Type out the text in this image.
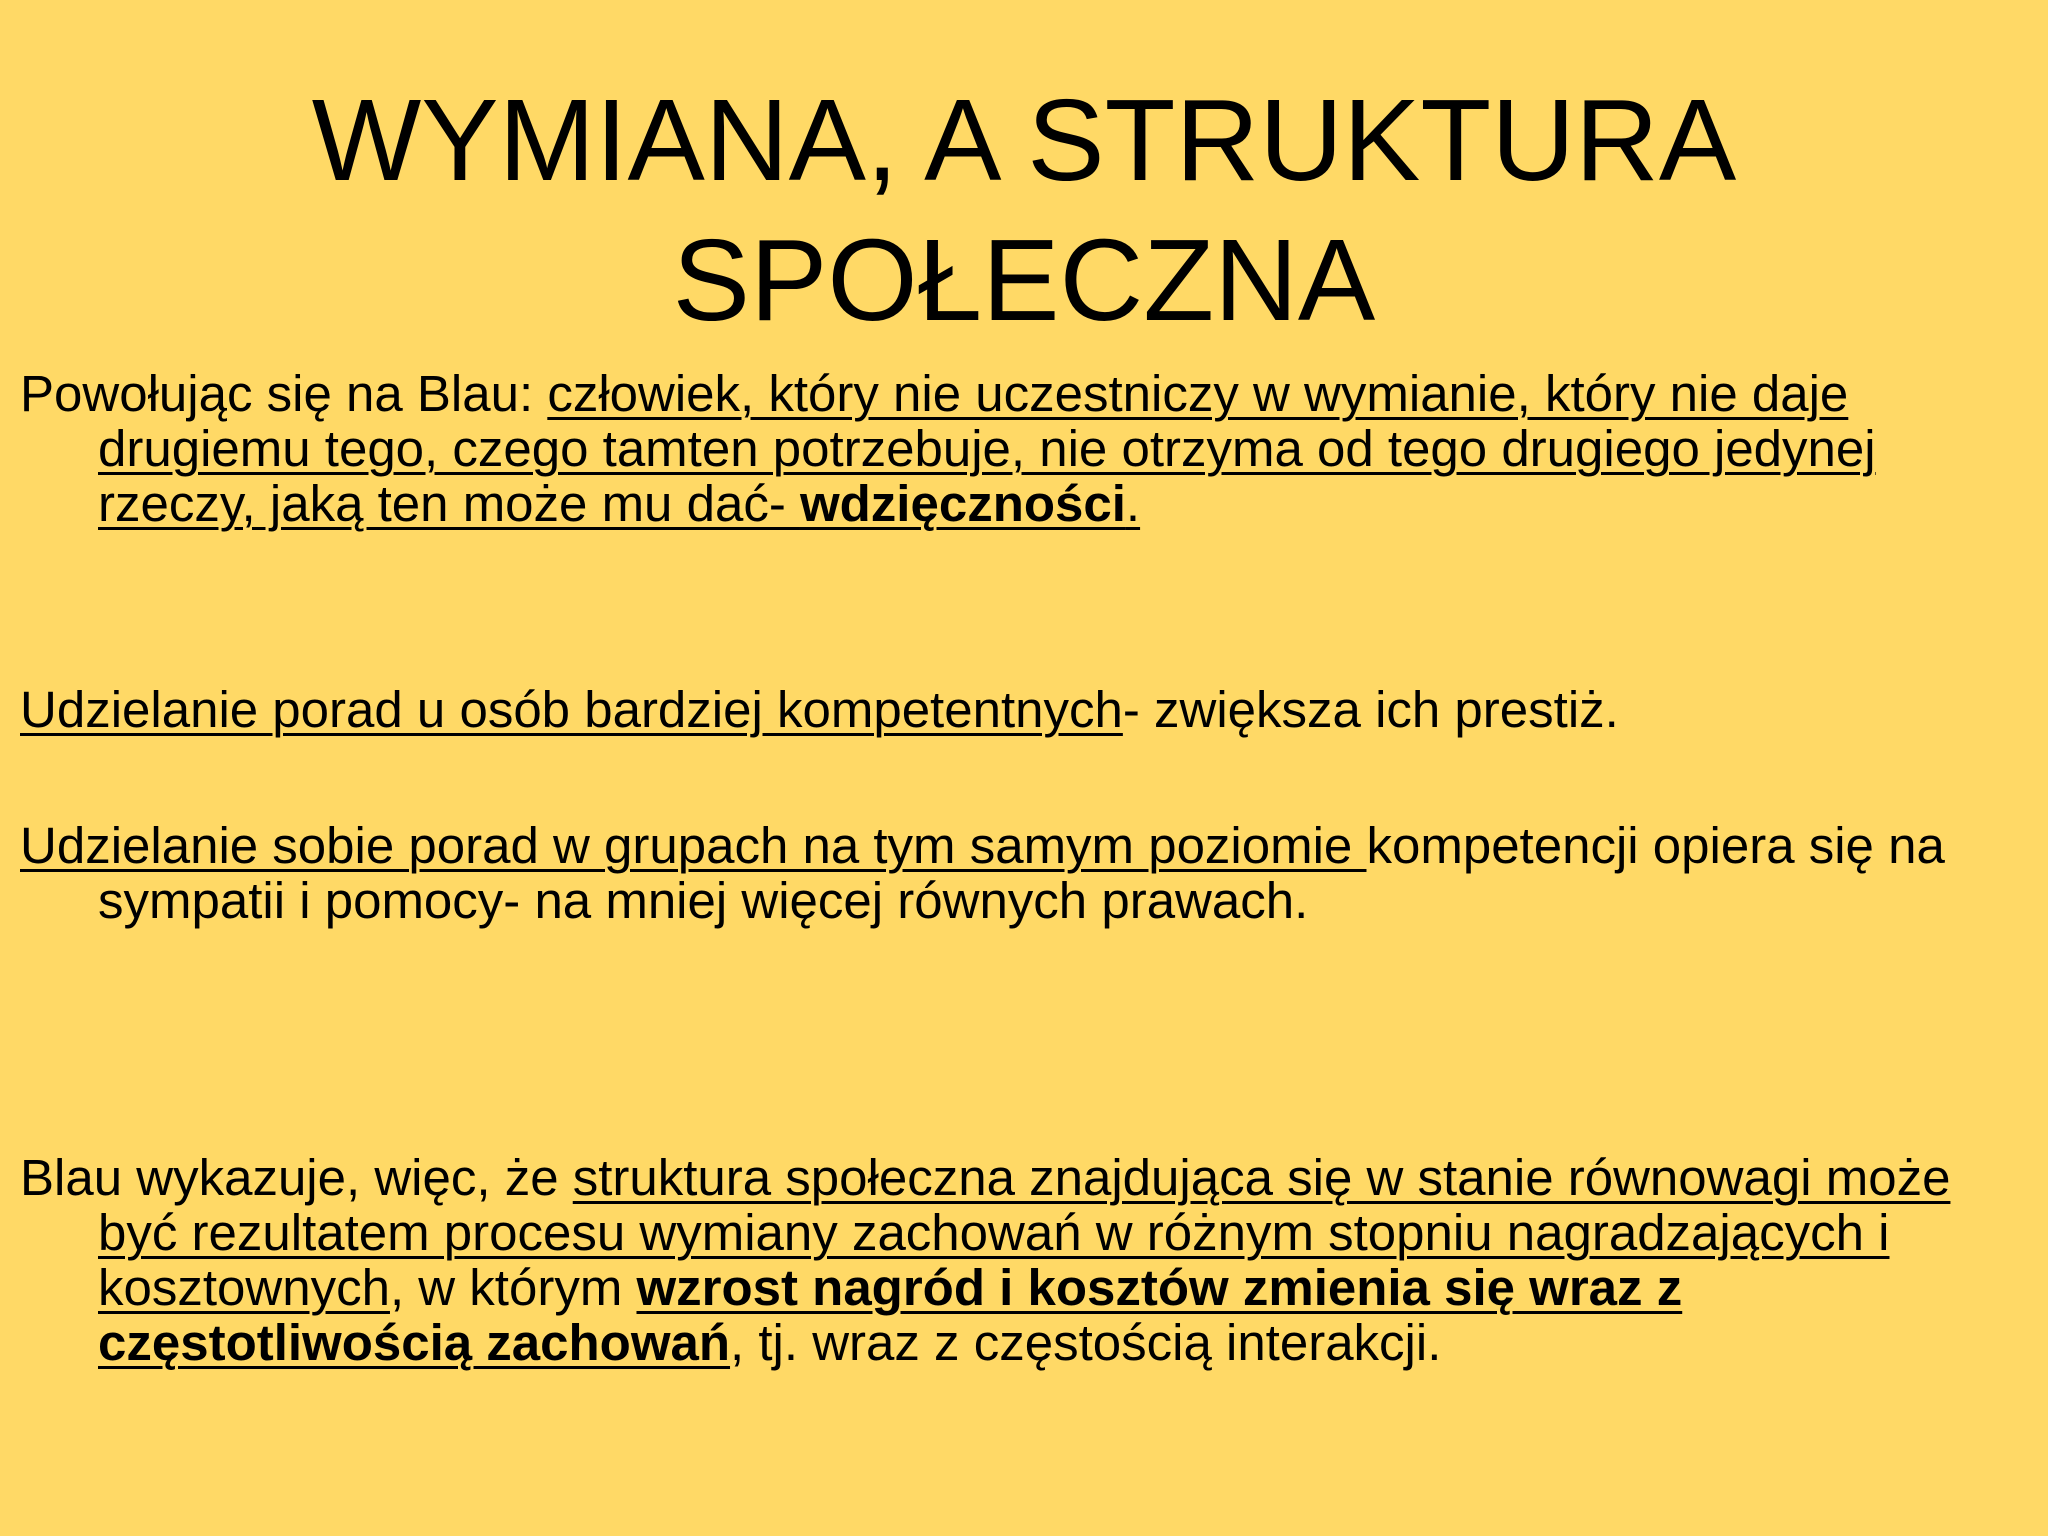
WYMIANA, A STRUKTURA
SPOŁECZNA

Powołując się na Blau: człowiek, który nie uczestniczy w wymianie, który nie daje drugiemu tego, czego tamten potrzebuje, nie otrzyma od tego drugiego jedynej rzeczy, jaką ten może mu dać- wdzięczności.

Udzielanie porad u osób bardziej kompetentnych- zwiększa ich prestiż.

Udzielanie sobie porad w grupach na tym samym poziomie kompetencji opiera się na sympatii i pomocy- na mniej więcej równych prawach.

Blau wykazuje, więc, że struktura społeczna znajdująca się w stanie równowagi może być rezultatem procesu wymiany zachowań w różnym stopniu nagradzających i kosztownych, w którym wzrost nagród i kosztów zmienia się wraz z częstotliwością zachowań, tj. wraz z częstością interakcji.
